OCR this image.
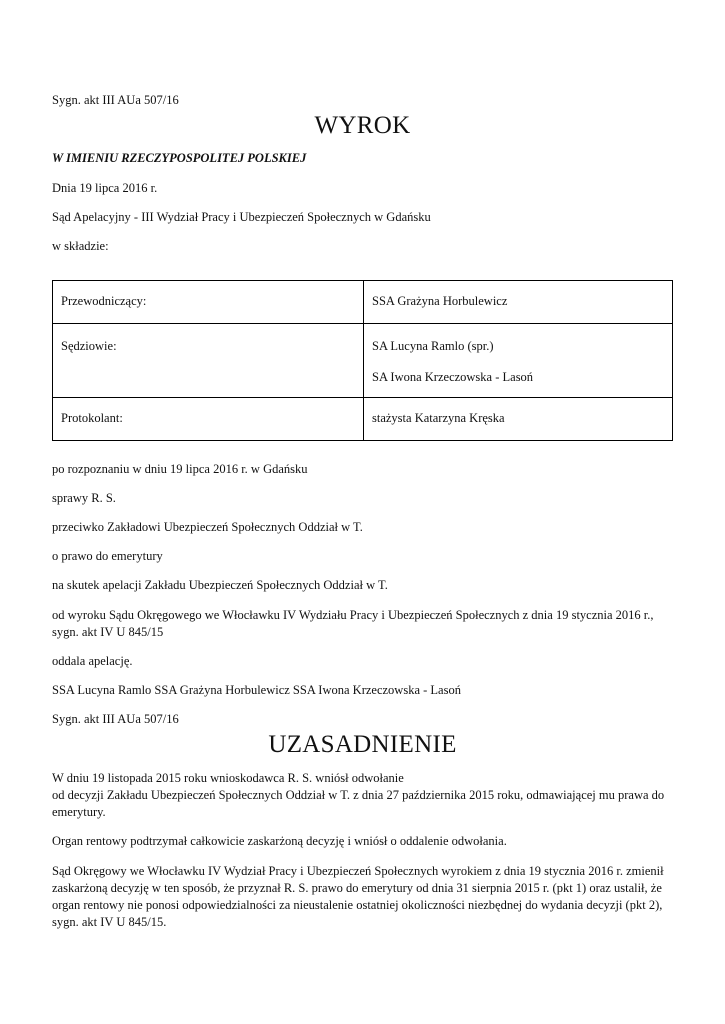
Sygn. akt III AUa 507/16

WYROK

W IMIENIU RZECZYPOSPOLITEJ POLSKIEJ

Dnia 19 lipca 2016 r.

Sąd Apelacyjny - III Wydział Pracy i Ubezpieczeń Społecznych w Gdańsku

w składzie:

Przewodniczący:	SSA Grażyna Horbulewicz

Sędziowie:	SA Lucyna Ramlo (spr.)
SA Iwona Krzeczowska - Lasoń

Protokolant:	stażysta Katarzyna Kręska

po rozpoznaniu w dniu 19 lipca 2016 r. w Gdańsku

sprawy R. S.

przeciwko Zakładowi Ubezpieczeń Społecznych Oddział w T.

o prawo do emerytury

na skutek apelacji Zakładu Ubezpieczeń Społecznych Oddział w T.

od wyroku Sądu Okręgowego we Włocławku IV Wydziału Pracy i Ubezpieczeń Społecznych z dnia 19 stycznia 2016 r., sygn. akt IV U 845/15

oddala apelację.

SSA Lucyna Ramlo SSA Grażyna Horbulewicz SSA Iwona Krzeczowska - Lasoń

Sygn. akt III AUa 507/16

UZASADNIENIE

W dniu 19 listopada 2015 roku wnioskodawca R. S. wniósł odwołanie

od decyzji Zakładu Ubezpieczeń Społecznych Oddział w T. z dnia 27 października 2015 roku, odmawiającej mu prawa do emerytury.

Organ rentowy podtrzymał całkowicie zaskarżoną decyzję i wniósł o oddalenie odwołania.

Sąd Okręgowy we Włocławku IV Wydział Pracy i Ubezpieczeń Społecznych wyrokiem z dnia 19 stycznia 2016 r. zmienił zaskarżoną decyzję w ten sposób, że przyznał R. S. prawo do emerytury od dnia 31 sierpnia 2015 r. (pkt 1) oraz ustalił, że organ rentowy nie ponosi odpowiedzialności za nieustalenie ostatniej okoliczności niezbędnej do wydania decyzji (pkt 2), sygn. akt IV U 845/15.
